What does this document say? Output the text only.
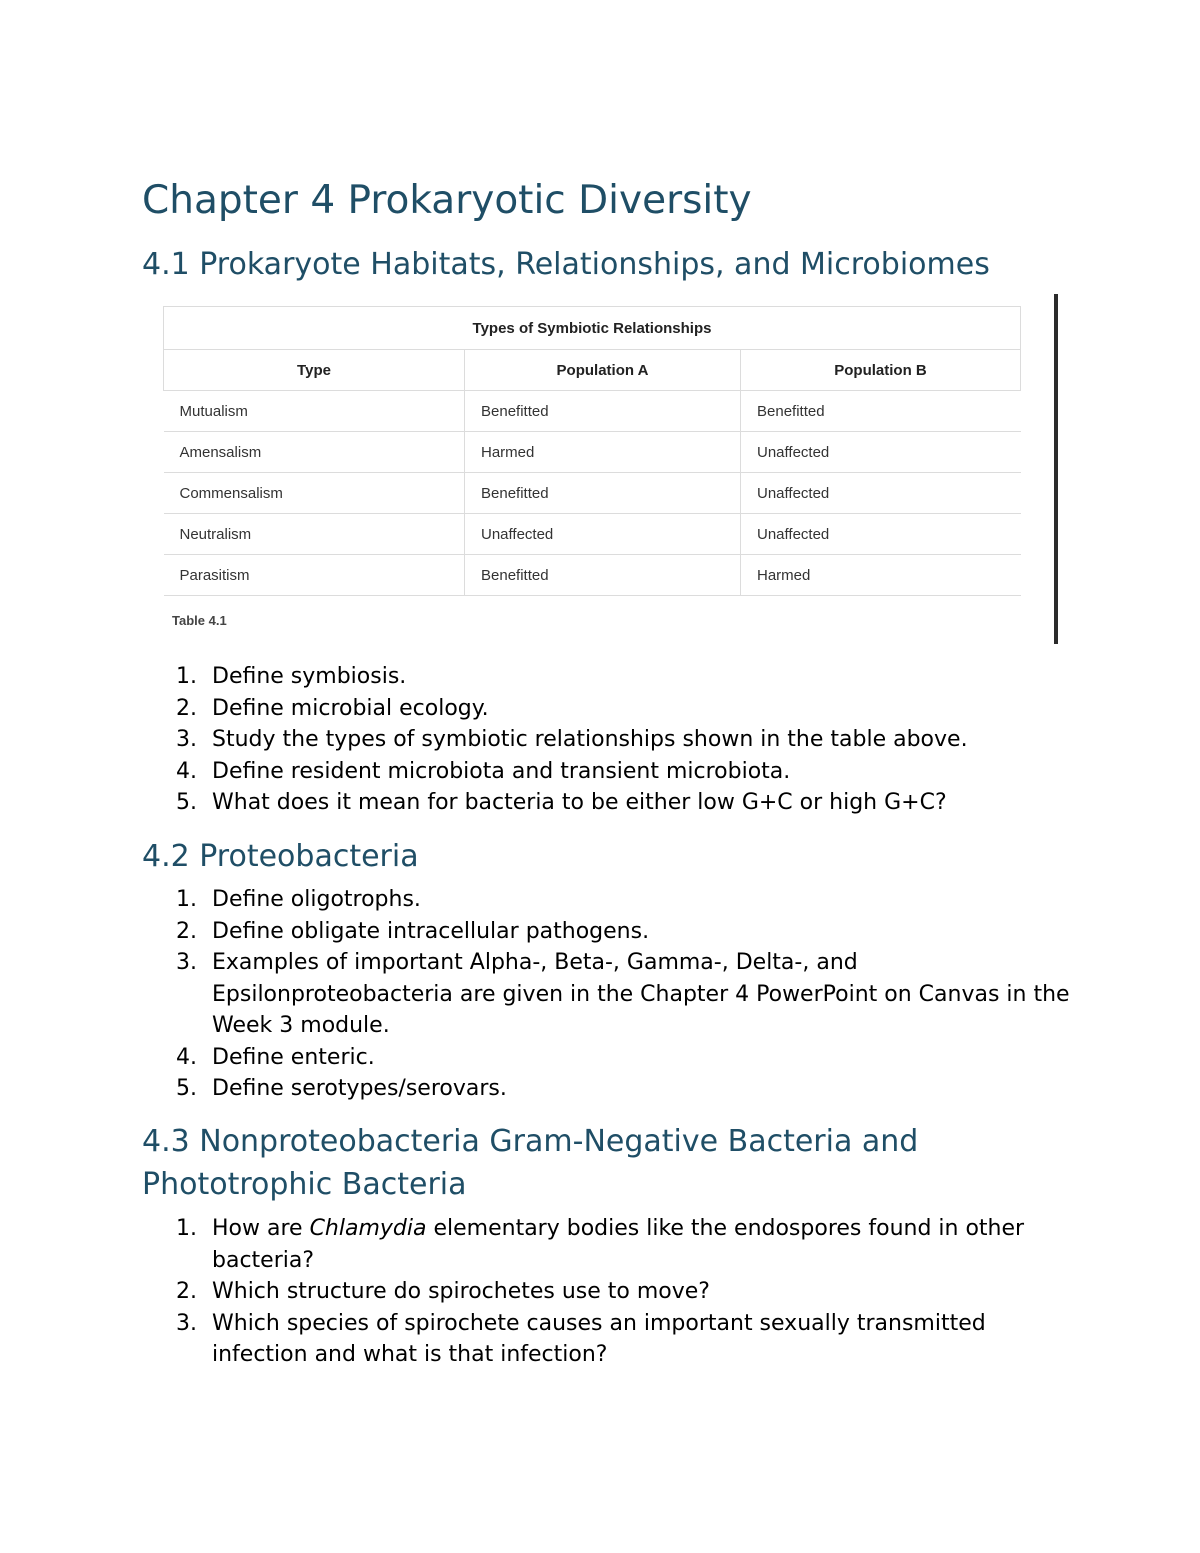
Chapter 4 Prokaryotic Diversity
4.1 Prokaryote Habitats, Relationships, and Microbiomes
Types of Symbiotic Relationships		
Type	Population A	Population B
Mutualism	Benefitted	Benefitted
Amensalism	Harmed	Unaffected
Commensalism	Benefitted	Unaffected
Neutralism	Unaffected	Unaffected
Parasitism	Benefitted	Harmed
Table 4.1
1. Define symbiosis.
2. Define microbial ecology.
3. Study the types of symbiotic relationships shown in the table above.
4. Define resident microbiota and transient microbiota.
5. What does it mean for bacteria to be either low G+C or high G+C?
4.2 Proteobacteria
1. Define oligotrophs.
2. Define obligate intracellular pathogens.
3. Examples of important Alpha-, Beta-, Gamma-, Delta-, and Epsilonproteobacteria are given in the Chapter 4 PowerPoint on Canvas in the Week 3 module.
4. Define enteric.
5. Define serotypes/serovars.
4.3 Nonproteobacteria Gram-Negative Bacteria and Phototrophic Bacteria
1. How are Chlamydia elementary bodies like the endospores found in other bacteria?
2. Which structure do spirochetes use to move?
3. Which species of spirochete causes an important sexually transmitted infection and what is that infection?
